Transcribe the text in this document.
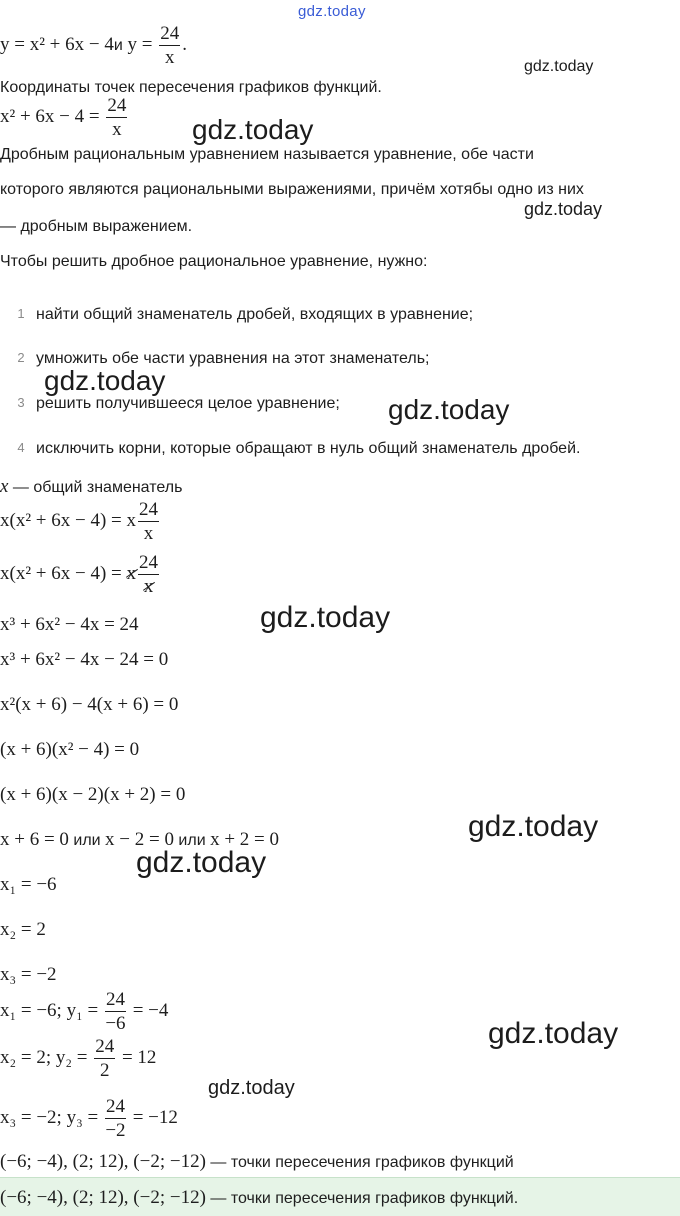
gdz.today
gdz.today
gdz.today
gdz.today
gdz.today
gdz.today
gdz.today
gdz.today
gdz.today
gdz.today
gdz.today
y = x² + 6x − 4и $y = \frac{24}{x}$ .
Координаты точек пересечения графиков функций.
$x^2 + 6x - 4 = \frac{24}{x}$
Дробным рациональным уравнением называется уравнение, обе части
которого являются рациональными выражениями, причём хотябы одно из них
— дробным выражением.
Чтобы решить дробное рациональное уравнение, нужно:
1 найти общий знаменатель дробей, входящих в уравнение;
2 умножить обе части уравнения на этот знаменатель;
3 решить получившееся целое уравнение;
4 исключить корни, которые обращают в нуль общий знаменатель дробей.
x — общий знаменатель
x(x² + 6x − 4) = x $\frac{24}{x}$
x(x² + 6x − 4) = x $\frac{24}{x}$
x³ + 6x² − 4x = 24
x³ + 6x² − 4x − 24 = 0
x²(x + 6) − 4(x + 6) = 0
(x + 6)(x² − 4) = 0
(x + 6)(x − 2)(x + 2) = 0
x + 6 = 0 или x − 2 = 0 или x + 2 = 0
x₁ = −6
x₂ = 2
x₃ = −2
x₁ = −6; $y_1 = \frac{24}{-6} = -4$
x₂ = 2; $y_2 = \frac{24}{2} = 12$
x₃ = −2; $y_3 = \frac{24}{-2} = -12$
(−6; −4), (2; 12), (−2; −12) — точки пересечения графиков функций
(−6; −4), (2; 12), (−2; −12) — точки пересечения графиков функций.
